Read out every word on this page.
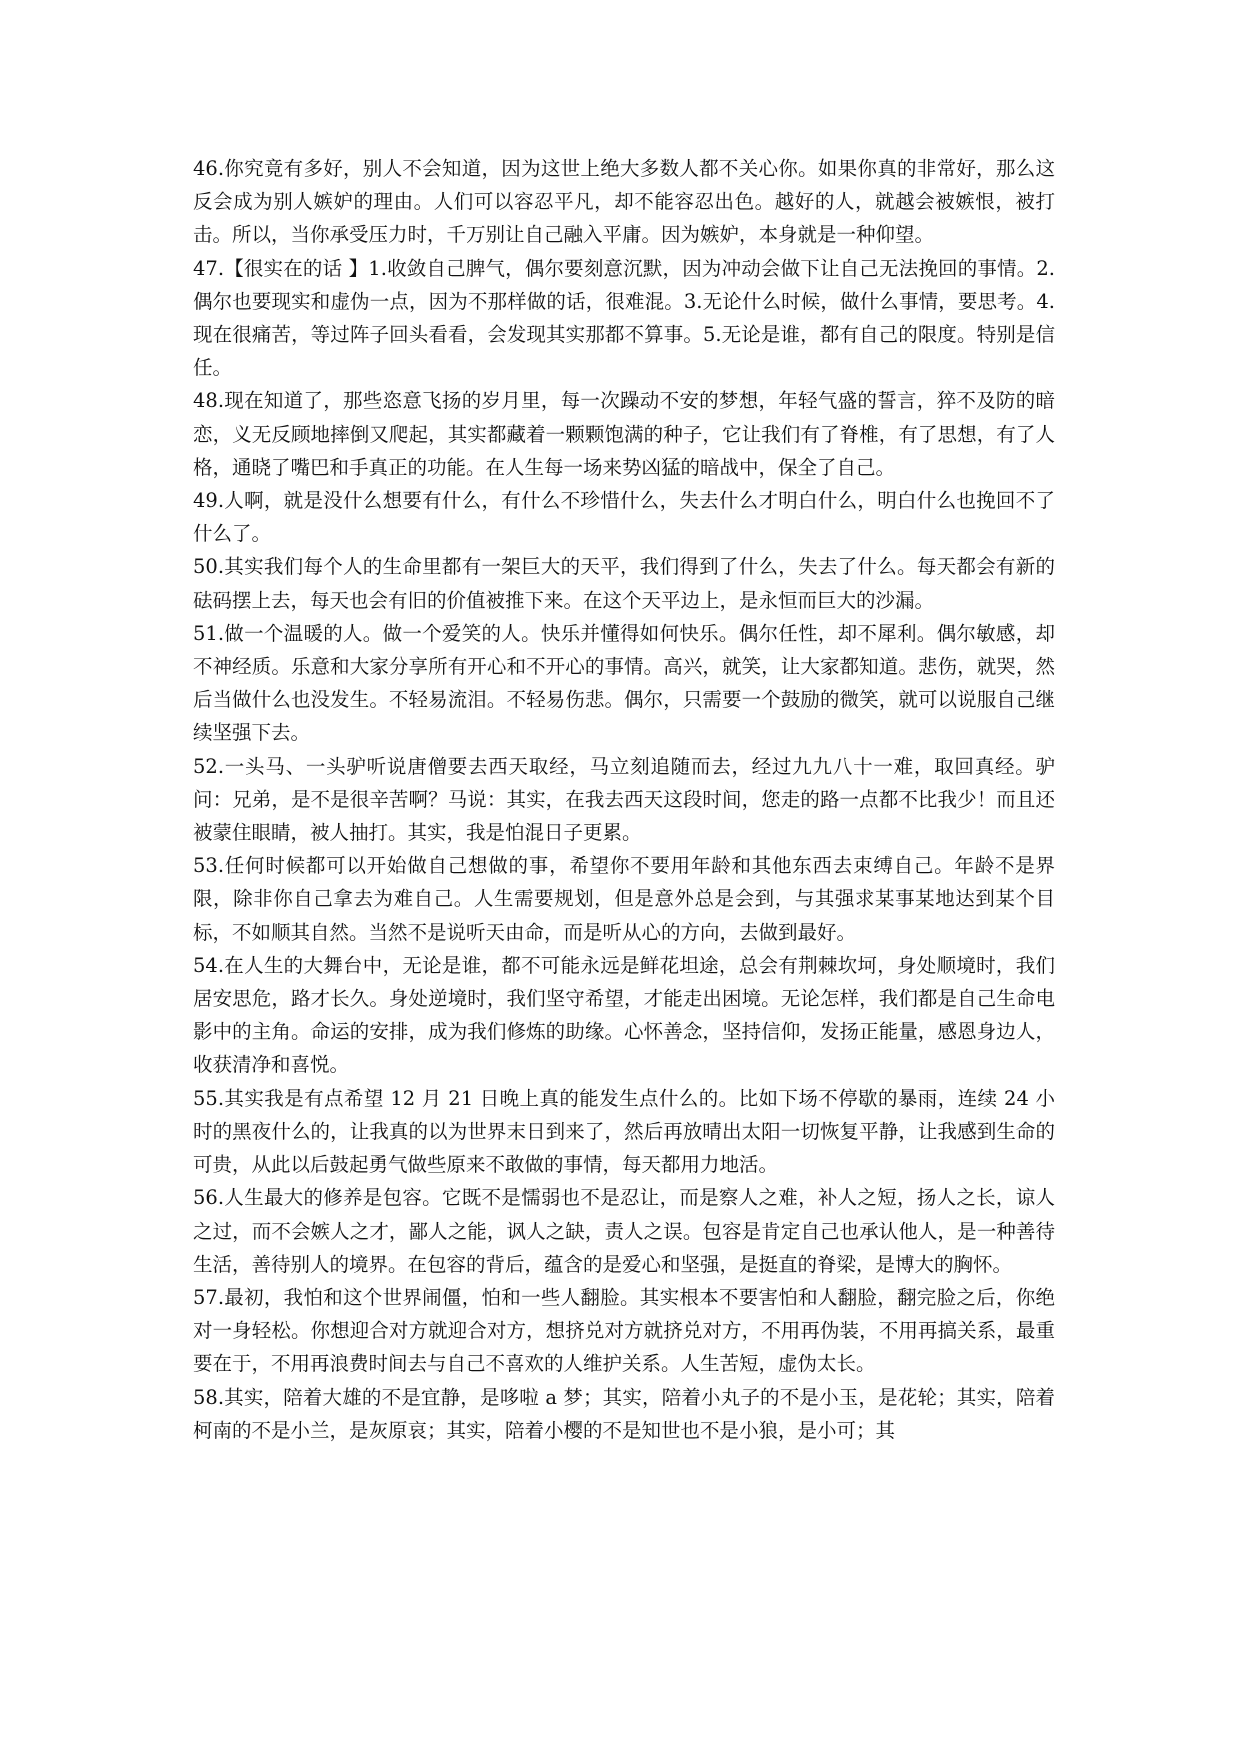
46.你究竟有多好，别人不会知道，因为这世上绝大多数人都不关心你。如果你真的非常好，那么这反会成为别人嫉妒的理由。人们可以容忍平凡，却不能容忍出色。越好的人，就越会被嫉恨，被打击。所以，当你承受压力时，千万别让自己融入平庸。因为嫉妒，本身就是一种仰望。

47.【很实在的话 】1.收敛自己脾气，偶尔要刻意沉默，因为冲动会做下让自己无法挽回的事情。2.偶尔也要现实和虚伪一点，因为不那样做的话，很难混。3.无论什么时候，做什么事情，要思考。4.现在很痛苦，等过阵子回头看看，会发现其实那都不算事。5.无论是谁，都有自己的限度。特别是信任。

48.现在知道了，那些恣意飞扬的岁月里，每一次躁动不安的梦想，年轻气盛的誓言，猝不及防的暗恋，义无反顾地摔倒又爬起，其实都藏着一颗颗饱满的种子，它让我们有了脊椎，有了思想，有了人格，通晓了嘴巴和手真正的功能。在人生每一场来势凶猛的暗战中，保全了自己。

49.人啊，就是没什么想要有什么，有什么不珍惜什么，失去什么才明白什么，明白什么也挽回不了什么了。

50.其实我们每个人的生命里都有一架巨大的天平，我们得到了什么，失去了什么。每天都会有新的砝码摆上去，每天也会有旧的价值被推下来。在这个天平边上，是永恒而巨大的沙漏。

51.做一个温暖的人。做一个爱笑的人。快乐并懂得如何快乐。偶尔任性，却不犀利。偶尔敏感，却不神经质。乐意和大家分享所有开心和不开心的事情。高兴，就笑，让大家都知道。悲伤，就哭，然后当做什么也没发生。不轻易流泪。不轻易伤悲。偶尔，只需要一个鼓励的微笑，就可以说服自己继续坚强下去。

52.一头马、一头驴听说唐僧要去西天取经，马立刻追随而去，经过九九八十一难，取回真经。驴问：兄弟，是不是很辛苦啊？马说：其实，在我去西天这段时间，您走的路一点都不比我少！而且还被蒙住眼睛，被人抽打。其实，我是怕混日子更累。

53.任何时候都可以开始做自己想做的事，希望你不要用年龄和其他东西去束缚自己。年龄不是界限，除非你自己拿去为难自己。人生需要规划，但是意外总是会到，与其强求某事某地达到某个目标，不如顺其自然。当然不是说听天由命，而是听从心的方向，去做到最好。

54.在人生的大舞台中，无论是谁，都不可能永远是鲜花坦途，总会有荆棘坎坷，身处顺境时，我们居安思危，路才长久。身处逆境时，我们坚守希望，才能走出困境。无论怎样，我们都是自己生命电影中的主角。命运的安排，成为我们修炼的助缘。心怀善念，坚持信仰，发扬正能量，感恩身边人，收获清净和喜悦。

55.其实我是有点希望 12 月 21 日晚上真的能发生点什么的。比如下场不停歇的暴雨，连续 24 小时的黑夜什么的，让我真的以为世界末日到来了，然后再放晴出太阳一切恢复平静，让我感到生命的可贵，从此以后鼓起勇气做些原来不敢做的事情，每天都用力地活。

56.人生最大的修养是包容。它既不是懦弱也不是忍让，而是察人之难，补人之短，扬人之长，谅人之过，而不会嫉人之才，鄙人之能，讽人之缺，责人之误。包容是肯定自己也承认他人，是一种善待生活，善待别人的境界。在包容的背后，蕴含的是爱心和坚强，是挺直的脊梁，是博大的胸怀。

57.最初，我怕和这个世界闹僵，怕和一些人翻脸。其实根本不要害怕和人翻脸，翻完脸之后，你绝对一身轻松。你想迎合对方就迎合对方，想挤兑对方就挤兑对方，不用再伪装，不用再搞关系，最重要在于，不用再浪费时间去与自己不喜欢的人维护关系。人生苦短，虚伪太长。

58.其实，陪着大雄的不是宜静，是哆啦 a 梦；其实，陪着小丸子的不是小玉，是花轮；其实，陪着柯南的不是小兰，是灰原哀；其实，陪着小樱的不是知世也不是小狼，是小可；其
